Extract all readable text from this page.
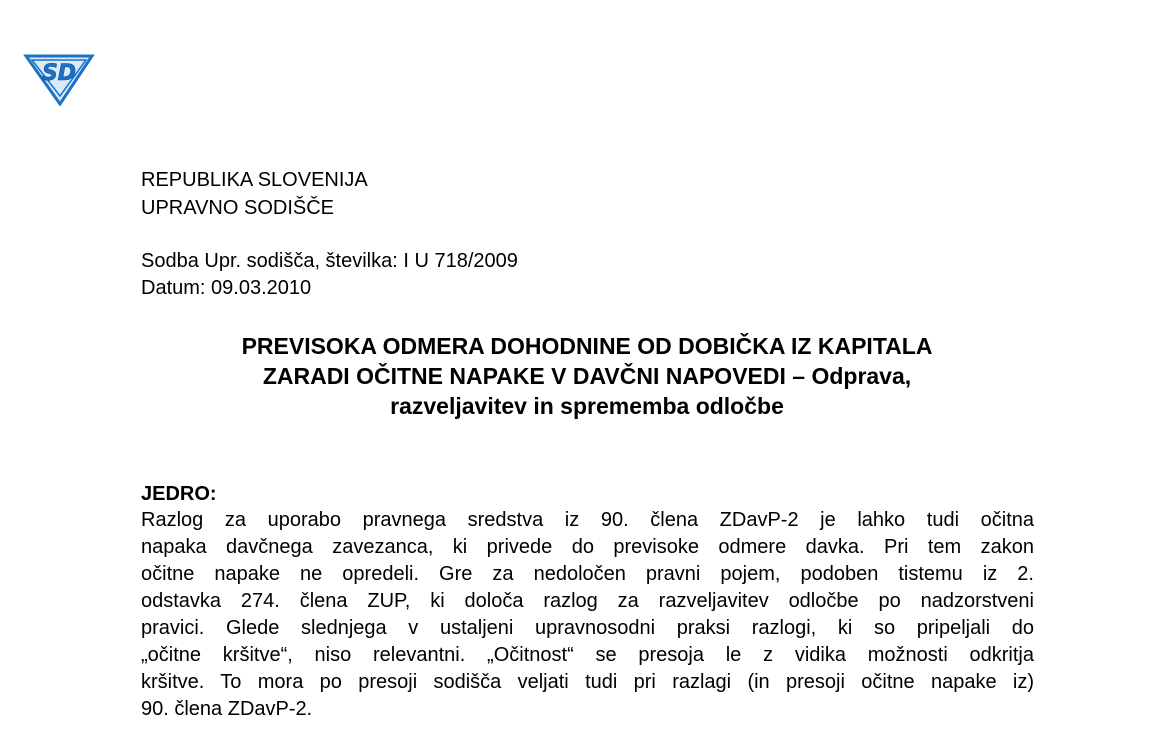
SD
REPUBLIKA SLOVENIJA
UPRAVNO SODIŠČE
Sodba Upr. sodišča, številka: I U 718/2009
Datum: 09.03.2010
PREVISOKA ODMERA DOHODNINE OD DOBIČKA IZ KAPITALA
ZARADI OČITNE NAPAKE V DAVČNI NAPOVEDI – Odprava,
razveljavitev in sprememba odločbe
JEDRO:
Razlog za uporabo pravnega sredstva iz 90. člena ZDavP-2 je lahko tudi očitna
napaka davčnega zavezanca, ki privede do previsoke odmere davka. Pri tem zakon
očitne napake ne opredeli. Gre za nedoločen pravni pojem, podoben tistemu iz 2.
odstavka 274. člena ZUP, ki določa razlog za razveljavitev odločbe po nadzorstveni
pravici. Glede slednjega v ustaljeni upravnosodni praksi razlogi, ki so pripeljali do
„očitne kršitve“, niso relevantni. „Očitnost“ se presoja le z vidika možnosti odkritja
kršitve. To mora po presoji sodišča veljati tudi pri razlagi (in presoji očitne napake iz)
90. člena ZDavP-2.
